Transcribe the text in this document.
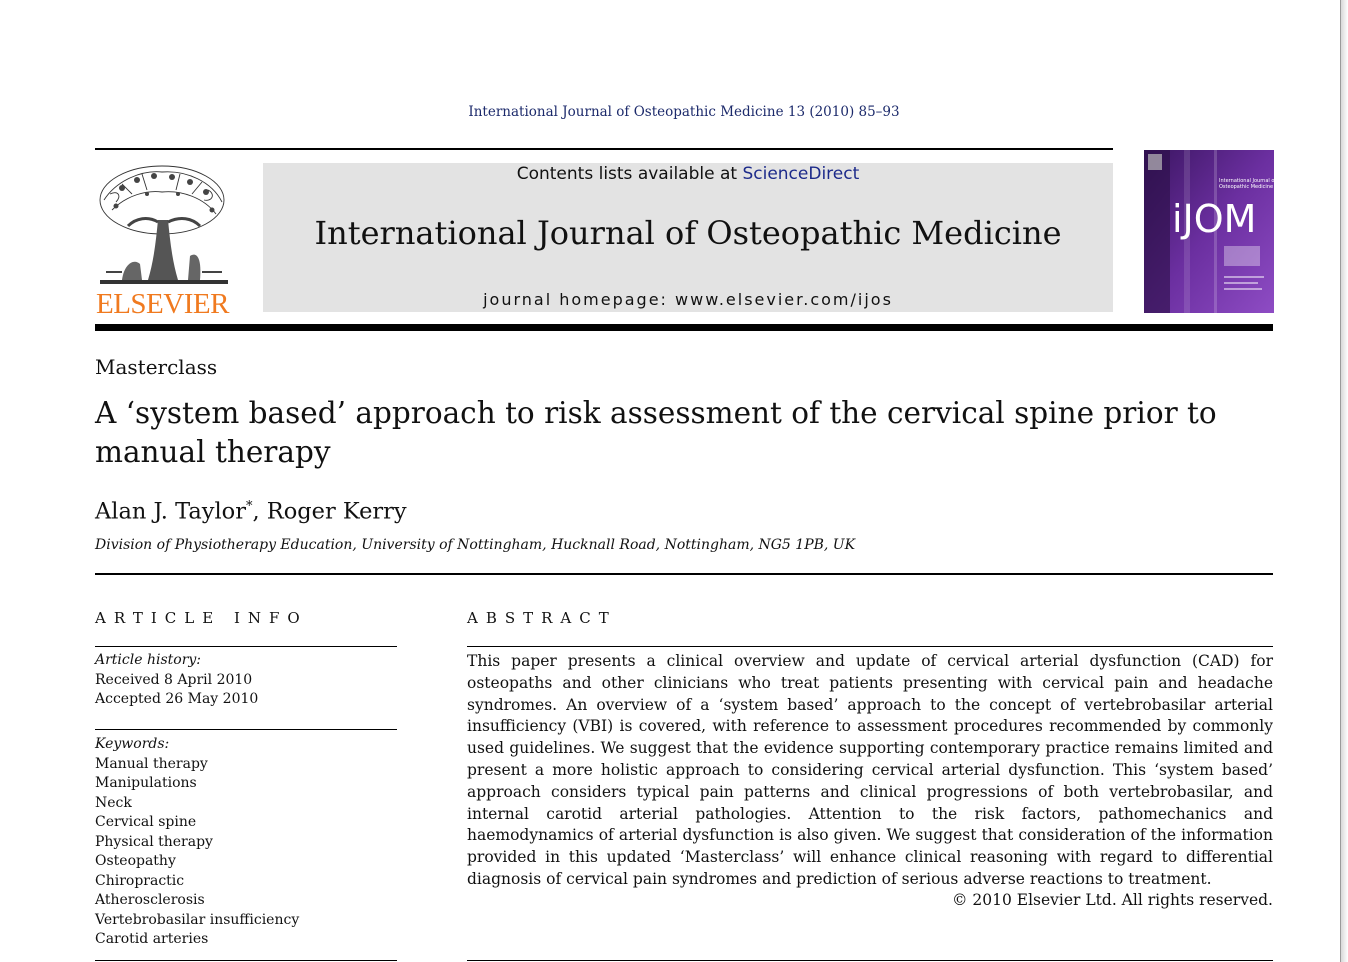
International Journal of Osteopathic Medicine 13 (2010) 85–93
ELSEVIER
Contents lists available at ScienceDirect
International Journal of Osteopathic Medicine
journal homepage: www.elsevier.com/ijos
International Journal of
Osteopathic Medicine
iJOM
Masterclass
A ‘system based’ approach to risk assessment of the cervical spine prior to manual therapy
Alan J. Taylor*, Roger Kerry
Division of Physiotherapy Education, University of Nottingham, Hucknall Road, Nottingham, NG5 1PB, UK
ARTICLE INFO	ABSTRACT
Article history:
Received 8 April 2010
Accepted 26 May 2010
Keywords:
Manual therapy
Manipulations
Neck
Cervical spine
Physical therapy
Osteopathy
Chiropractic
Atherosclerosis
Vertebrobasilar insufficiency
Carotid arteries
This paper presents a clinical overview and update of cervical arterial dysfunction (CAD) for osteopaths and other clinicians who treat patients presenting with cervical pain and headache syndromes. An overview of a ‘system based’ approach to the concept of vertebrobasilar arterial insufficiency (VBI) is covered, with reference to assessment procedures recommended by commonly used guidelines. We suggest that the evidence supporting contemporary practice remains limited and present a more holistic approach to considering cervical arterial dysfunction. This ‘system based’ approach considers typical pain patterns and clinical progressions of both vertebrobasilar, and internal carotid arterial pathologies. Attention to the risk factors, pathomechanics and haemodynamics of arterial dysfunction is also given. We suggest that consideration of the information provided in this updated ‘Masterclass’ will enhance clinical reasoning with regard to differential diagnosis of cervical pain syndromes and prediction of serious adverse reactions to treatment.
© 2010 Elsevier Ltd. All rights reserved.
